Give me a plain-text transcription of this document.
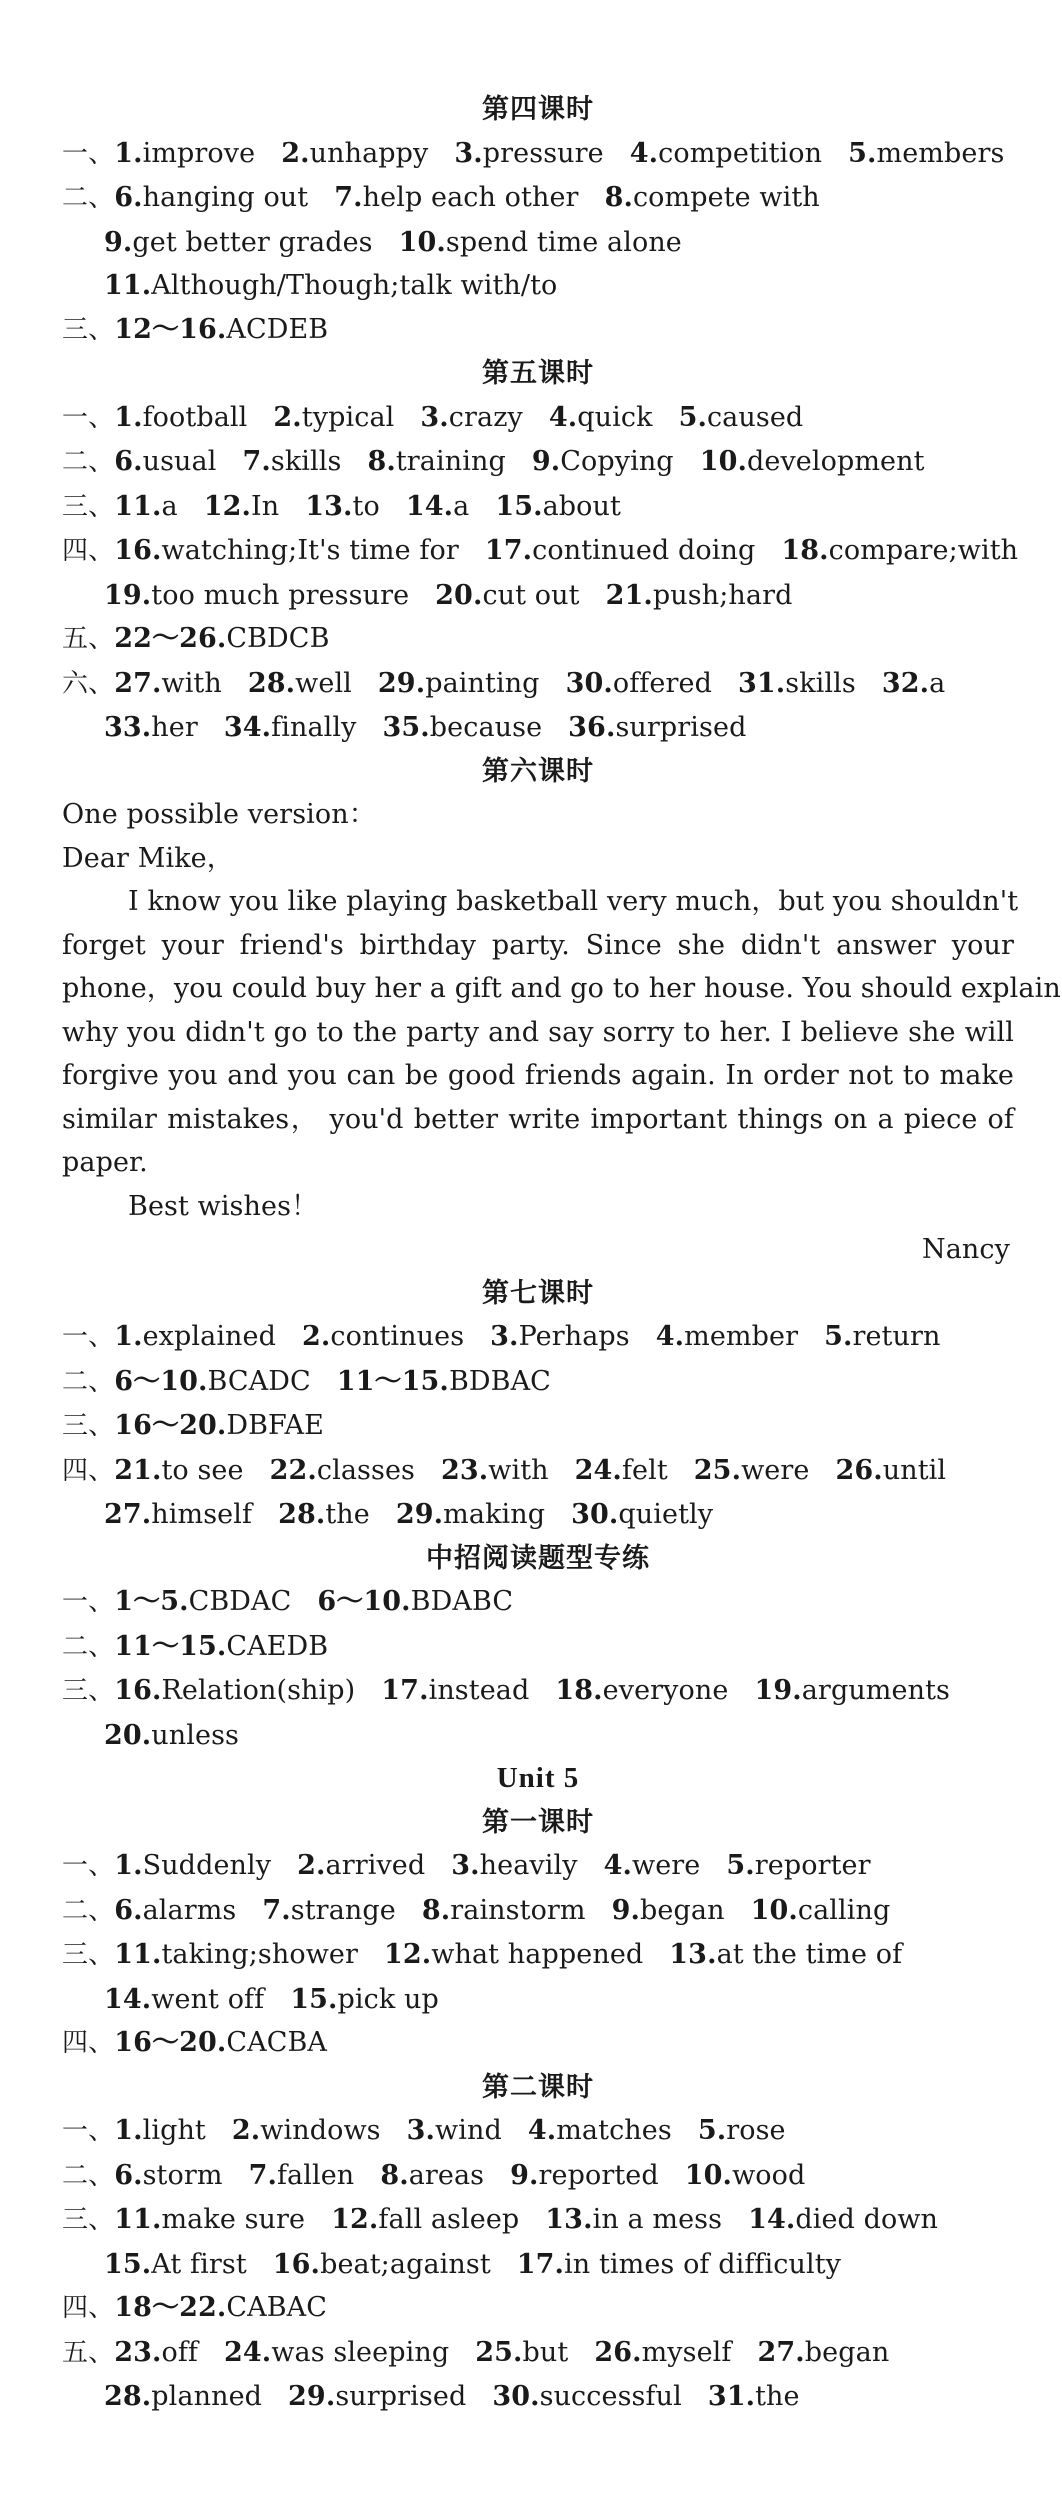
第四课时
一、1.improve 2.unhappy 3.pressure 4.competition 5.members
二、6.hanging out 7.help each other 8.compete with
9.get better grades 10.spend time alone
11.Although/Though;talk with/to
三、12～16.ACDEB
第五课时
一、1.football 2.typical 3.crazy 4.quick 5.caused
二、6.usual 7.skills 8.training 9.Copying 10.development
三、11.a 12.In 13.to 14.a 15.about
四、16.watching;It's time for 17.continued doing 18.compare;with
19.too much pressure 20.cut out 21.push;hard
五、22～26.CBDCB
六、27.with 28.well 29.painting 30.offered 31.skills 32.a
33.her 34.finally 35.because 36.surprised
第六课时
One possible version：
Dear Mike，
I know you like playing basketball very much，but you shouldn't
forget your friend's birthday party. Since she didn't answer your
phone，you could buy her a gift and go to her house. You should explain
why you didn't go to the party and say sorry to her. I believe she will
forgive you and you can be good friends again. In order not to make
similar mistakes， you'd better write important things on a piece of
paper.
Best wishes！
Nancy
第七课时
一、1.explained 2.continues 3.Perhaps 4.member 5.return
二、6～10.BCADC 11～15.BDBAC
三、16～20.DBFAE
四、21.to see 22.classes 23.with 24.felt 25.were 26.until
27.himself 28.the 29.making 30.quietly
中招阅读题型专练
一、1～5.CBDAC 6～10.BDABC
二、11～15.CAEDB
三、16.Relation(ship) 17.instead 18.everyone 19.arguments
20.unless
Unit 5
第一课时
一、1.Suddenly 2.arrived 3.heavily 4.were 5.reporter
二、6.alarms 7.strange 8.rainstorm 9.began 10.calling
三、11.taking;shower 12.what happened 13.at the time of
14.went off 15.pick up
四、16～20.CACBA
第二课时
一、1.light 2.windows 3.wind 4.matches 5.rose
二、6.storm 7.fallen 8.areas 9.reported 10.wood
三、11.make sure 12.fall asleep 13.in a mess 14.died down
15.At first 16.beat;against 17.in times of difficulty
四、18～22.CABAC
五、23.off 24.was sleeping 25.but 26.myself 27.began
28.planned 29.surprised 30.successful 31.the
